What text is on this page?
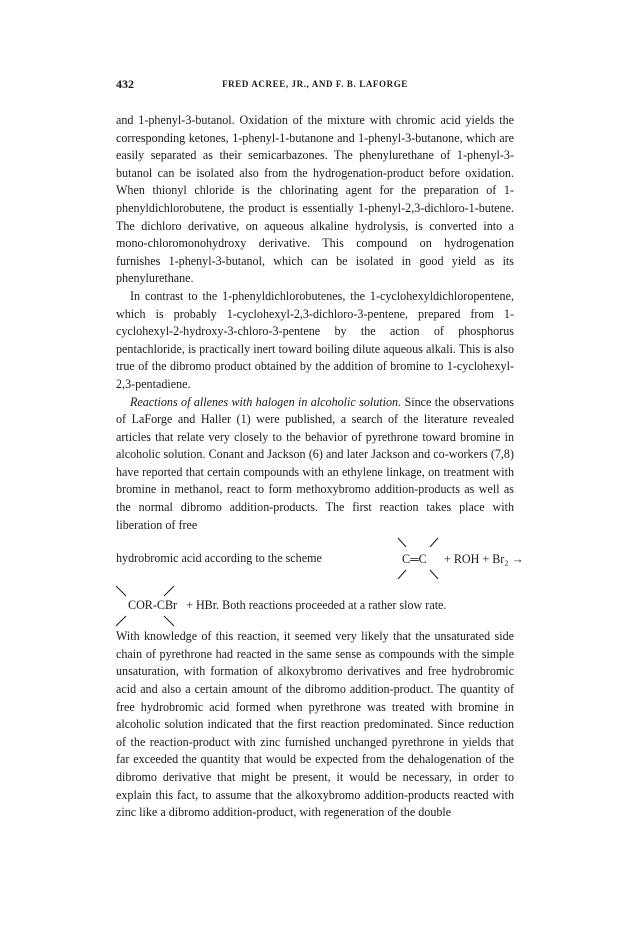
432	FRED ACREE, JR., AND F. B. LAFORGE

and 1-phenyl-3-butanol. Oxidation of the mixture with chromic acid yields the corresponding ketones, 1-phenyl-1-butanone and 1-phenyl-3-butanone, which are easily separated as their semicarbazones. The phenylurethane of 1-phenyl-3-butanol can be isolated also from the hydrogenation-product before oxidation. When thionyl chloride is the chlorinating agent for the preparation of 1-phenyldichlorobutene, the product is essentially 1-phenyl-2,3-dichloro-1-butene. The dichloro derivative, on aqueous alkaline hydrolysis, is converted into a mono-chloromonohydroxy derivative. This compound on hydrogenation furnishes 1-phenyl-3-butanol, which can be isolated in good yield as its phenylurethane.

In contrast to the 1-phenyldichlorobutenes, the 1-cyclohexyldichloropentene, which is probably 1-cyclohexyl-2,3-dichloro-3-pentene, prepared from 1-cyclohexyl-2-hydroxy-3-chloro-3-pentene by the action of phosphorus pentachloride, is practically inert toward boiling dilute aqueous alkali. This is also true of the dibromo product obtained by the addition of bromine to 1-cyclohexyl-2,3-pentadiene.

Reactions of allenes with halogen in alcoholic solution. Since the observations of LaForge and Haller (1) were published, a search of the literature revealed articles that relate very closely to the behavior of pyrethrone toward bromine in alcoholic solution. Conant and Jackson (6) and later Jackson and co-workers (7,8) have reported that certain compounds with an ethylene linkage, on treatment with bromine in methanol, react to form methoxybromo addition-products as well as the normal dibromo addition-products. The first reaction takes place with liberation of free

hydrobromic acid according to the scheme	C═C + ROH + Br₂ →
COR-CBr + HBr. Both reactions proceeded at a rather slow rate.

With knowledge of this reaction, it seemed very likely that the unsaturated side chain of pyrethrone had reacted in the same sense as compounds with the simple unsaturation, with formation of alkoxybromo derivatives and free hydrobromic acid and also a certain amount of the dibromo addition-product. The quantity of free hydrobromic acid formed when pyrethrone was treated with bromine in alcoholic solution indicated that the first reaction predominated. Since reduction of the reaction-product with zinc furnished unchanged pyrethrone in yields that far exceeded the quantity that would be expected from the dehalogenation of the dibromo derivative that might be present, it would be necessary, in order to explain this fact, to assume that the alkoxybromo addition-products reacted with zinc like a dibromo addition-product, with regeneration of the double
